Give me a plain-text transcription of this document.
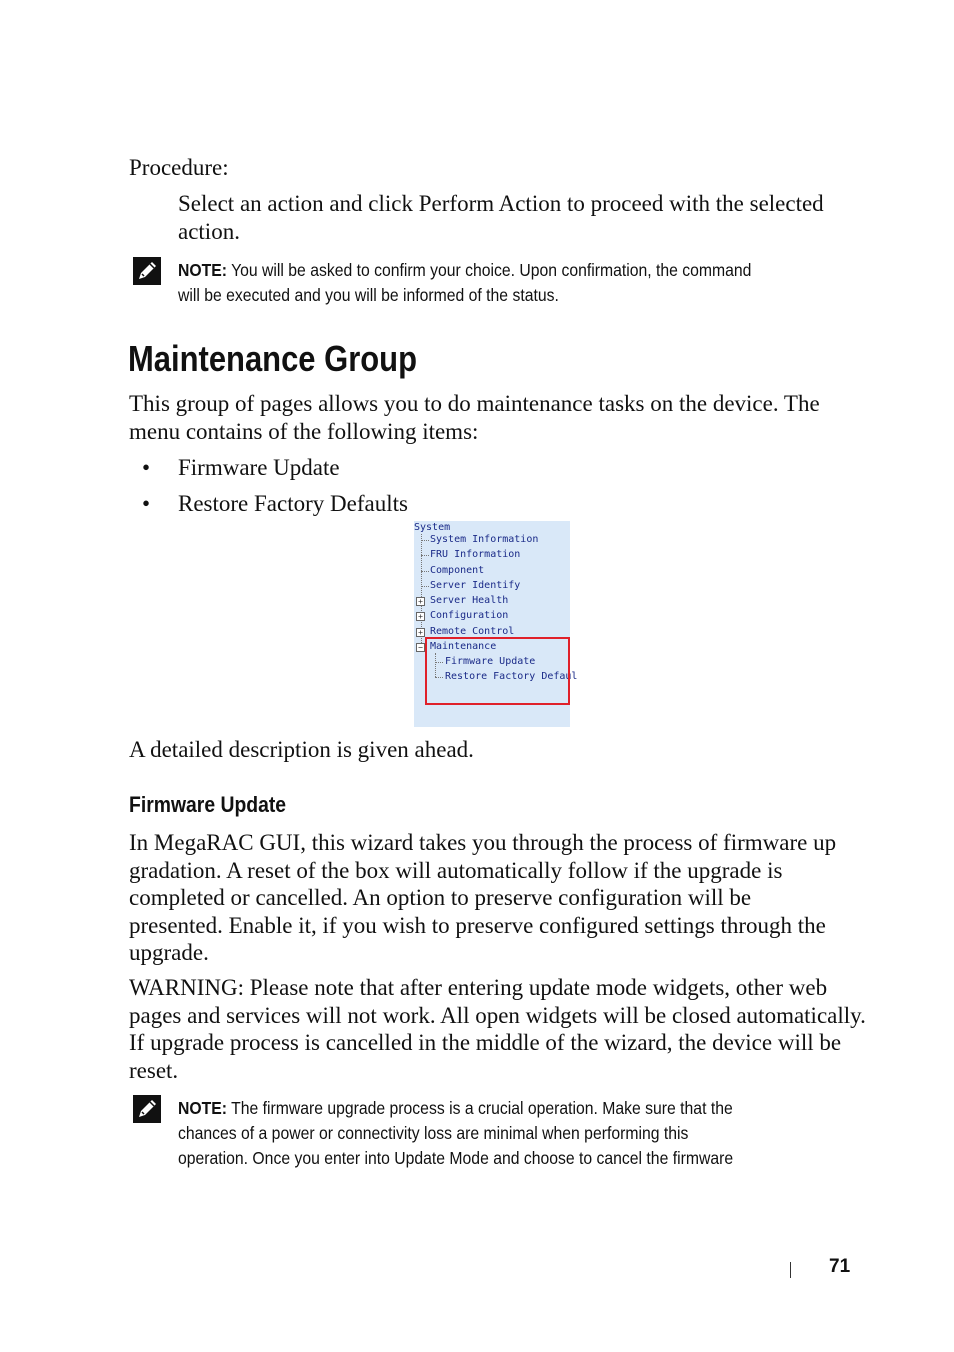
Procedure:
Select an action and click Perform Action to proceed with the selected
action.
NOTE: You will be asked to confirm your choice. Upon confirmation, the command
will be executed and you will be informed of the status.
Maintenance Group
This group of pages allows you to do maintenance tasks on the device. The
menu contains of the following items:
• Firmware Update
• Restore Factory Defaults
System
System Information
FRU Information
Component
Server Identify
+ Server Health
+ Configuration
+ Remote Control
− Maintenance
Firmware Update
Restore Factory Defaul
A detailed description is given ahead.
Firmware Update
In MegaRAC GUI, this wizard takes you through the process of firmware up
gradation. A reset of the box will automatically follow if the upgrade is
completed or cancelled. An option to preserve configuration will be
presented. Enable it, if you wish to preserve configured settings through the
upgrade.
WARNING: Please note that after entering update mode widgets, other web
pages and services will not work. All open widgets will be closed automatically.
If upgrade process is cancelled in the middle of the wizard, the device will be
reset.
NOTE: The firmware upgrade process is a crucial operation. Make sure that the
chances of a power or connectivity loss are minimal when performing this
operation. Once you enter into Update Mode and choose to cancel the firmware
71
